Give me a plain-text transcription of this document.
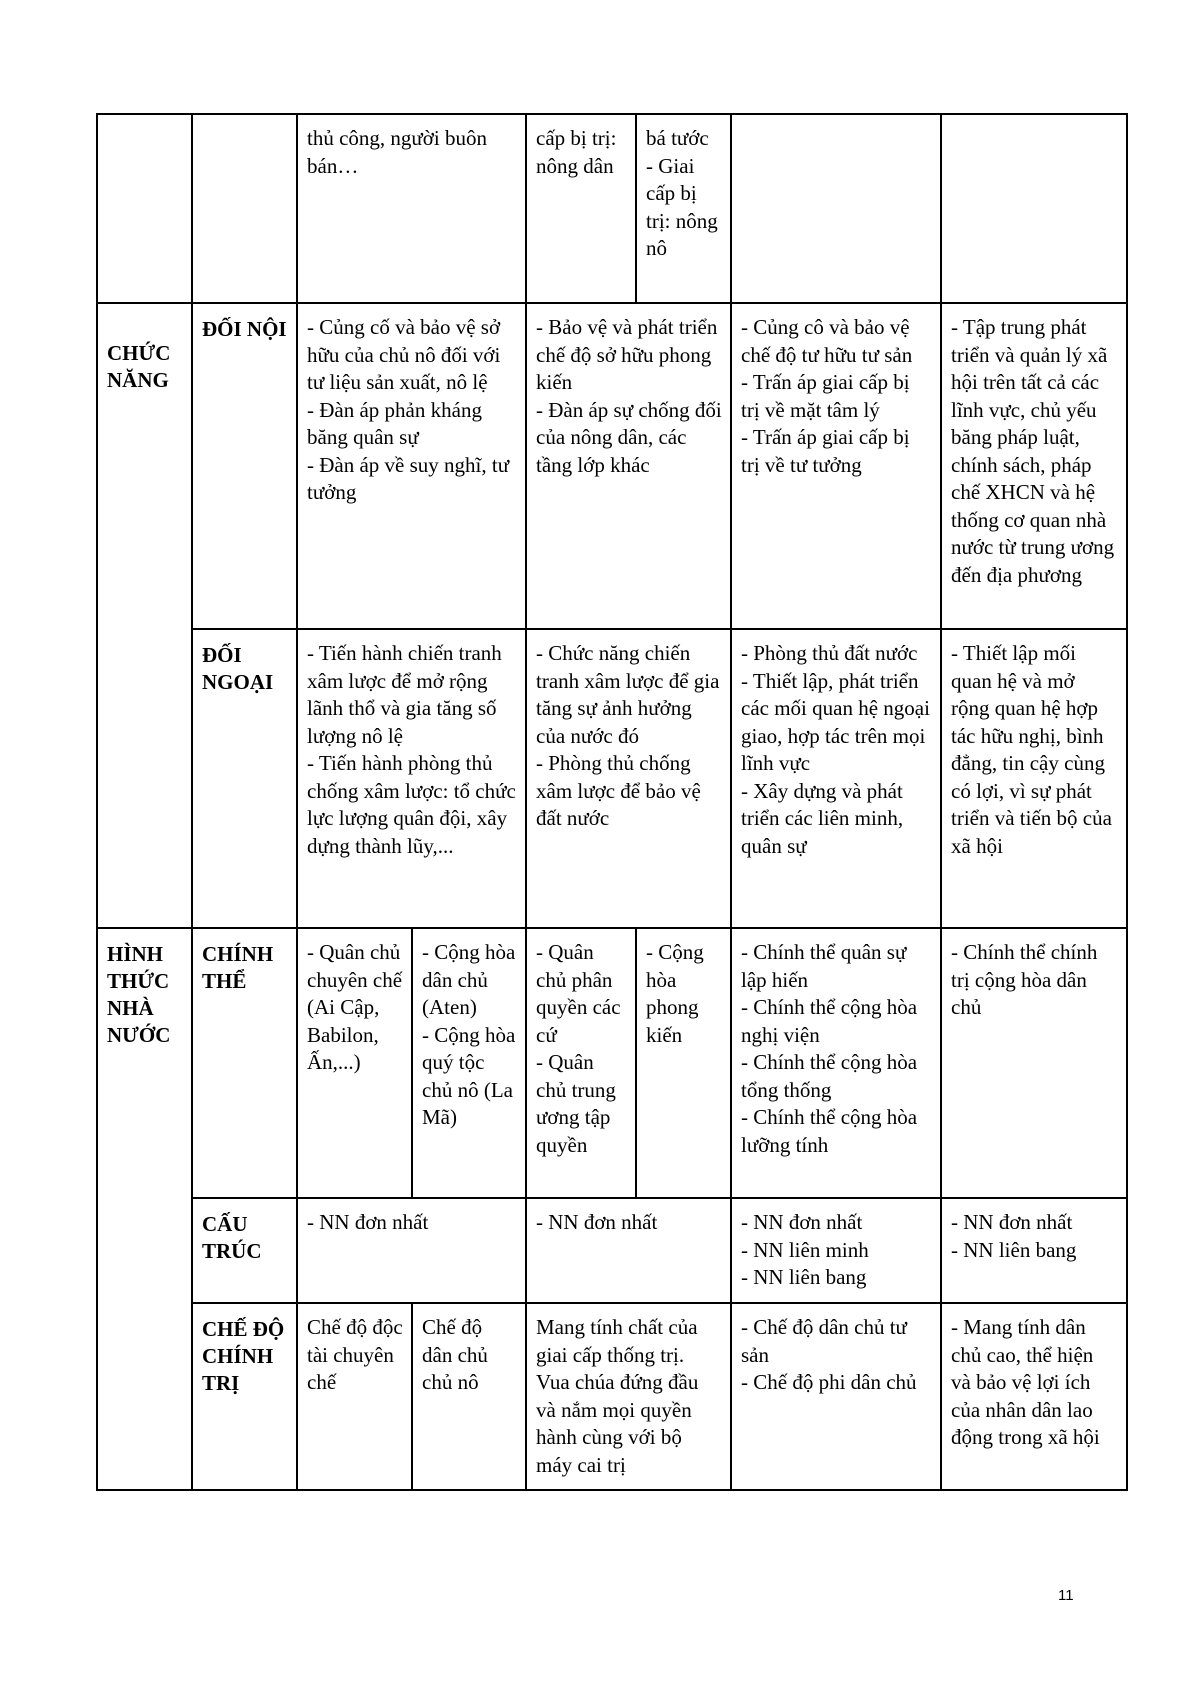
		thủ công, người buôn bán…		cấp bị trị: nông dân	bá tước
- Giai cấp bị trị: nông nô		

CHỨC NĂNG	ĐỐI NỘI	- Củng cố và bảo vệ sở hữu của chủ nô đối với tư liệu sản xuất, nô lệ
- Đàn áp phản kháng băng quân sự
- Đàn áp về suy nghĩ, tư tưởng		- Bảo vệ và phát triển chế độ sở hữu phong kiến
- Đàn áp sự chống đối của nông dân, các tầng lớp khác		- Củng cô và bảo vệ chế độ tư hữu tư sản
- Trấn áp giai cấp bị trị về mặt tâm lý
- Trấn áp giai cấp bị trị về tư tưởng	- Tập trung phát triển và quản lý xã hội trên tất cả các lĩnh vực, chủ yếu băng pháp luật, chính sách, pháp chế XHCN và hệ thống cơ quan nhà nước từ trung ương đến địa phương

	ĐỐI NGOẠI	- Tiến hành chiến tranh xâm lược để mở rộng lãnh thổ và gia tăng số lượng nô lệ
- Tiến hành phòng thủ chống xâm lược: tổ chức lực lượng quân đội, xây dựng thành lũy,...		- Chức năng chiến tranh xâm lược để gia tăng sự ảnh hưởng của nước đó
- Phòng thủ chống xâm lược để bảo vệ đất nước		- Phòng thủ đất nước
- Thiết lập, phát triển các mối quan hệ ngoại giao, hợp tác trên mọi lĩnh vực
- Xây dựng và phát triển các liên minh, quân sự	- Thiết lập mối quan hệ và mở rộng quan hệ hợp tác hữu nghị, bình đẳng, tin cậy cùng có lợi, vì sự phát triển và tiến bộ của xã hội

HÌNH THỨC NHÀ NƯỚC	CHÍNH THỂ	- Quân chủ chuyên chế (Ai Cập, Babilon, Ấn,...)	- Cộng hòa dân chủ (Aten)
- Cộng hòa quý tộc chủ nô (La Mã)	- Quân chủ phân quyền các cứ
- Quân chủ trung ương tập quyền	- Cộng hòa phong kiến	- Chính thể quân sự lập hiến
- Chính thể cộng hòa nghị viện
- Chính thể cộng hòa tổng thống
- Chính thể cộng hòa lưỡng tính	- Chính thể chính trị cộng hòa dân chủ

	CẤU TRÚC	- NN đơn nhất		- NN đơn nhất		- NN đơn nhất
- NN liên minh
- NN liên bang	- NN đơn nhất
- NN liên bang

	CHẾ ĐỘ CHÍNH TRỊ	Chế độ độc tài chuyên chế	Chế độ dân chủ chủ nô	Mang tính chất của giai cấp thống trị. Vua chúa đứng đầu và nắm mọi quyền hành cùng với bộ máy cai trị		- Chế độ dân chủ tư sản
- Chế độ phi dân chủ	- Mang tính dân chủ cao, thể hiện và bảo vệ lợi ích của nhân dân lao động trong xã hội
11
